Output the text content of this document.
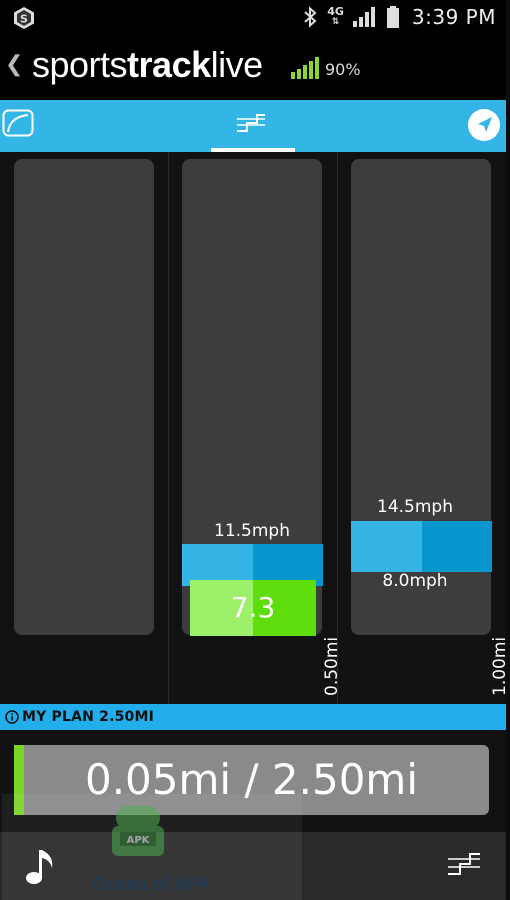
S
4G
⇅	3:39 PM
❮ sportstracklive	90%
11.5mph
7.3
0.50mi
14.5mph
8.0mph
1.00mi
MY PLAN 2.50MI
0.05mi / 2.50mi
APK
Ocean of APK
